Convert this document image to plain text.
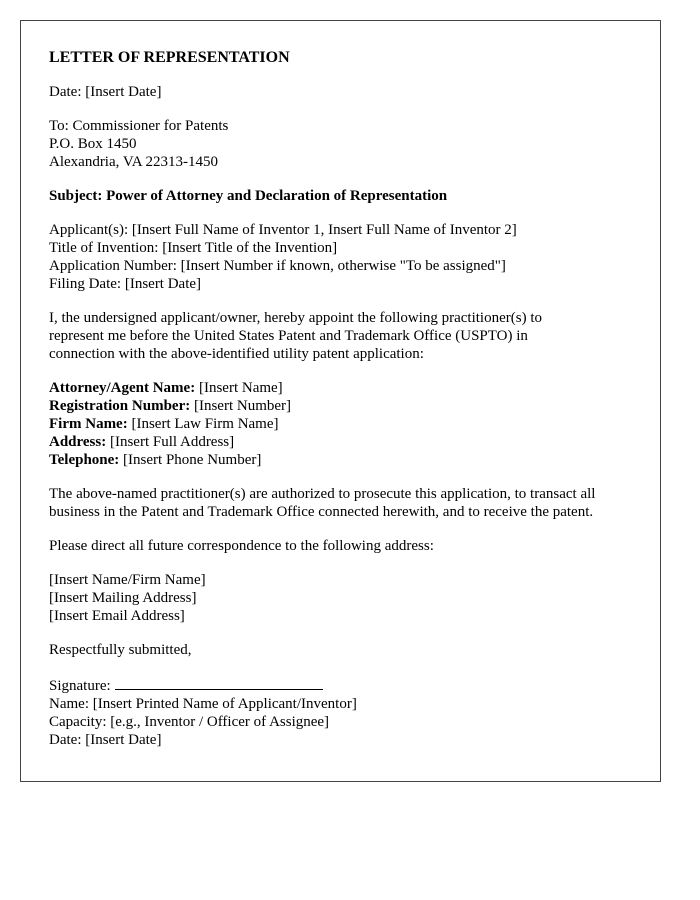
LETTER OF REPRESENTATION
Date: [Insert Date]
To: Commissioner for Patents
P.O. Box 1450
Alexandria, VA 22313-1450
Subject: Power of Attorney and Declaration of Representation
Applicant(s): [Insert Full Name of Inventor 1, Insert Full Name of Inventor 2]
Title of Invention: [Insert Title of the Invention]
Application Number: [Insert Number if known, otherwise "To be assigned"]
Filing Date: [Insert Date]
I, the undersigned applicant/owner, hereby appoint the following practitioner(s) to
represent me before the United States Patent and Trademark Office (USPTO) in
connection with the above-identified utility patent application:
Attorney/Agent Name: [Insert Name]
Registration Number: [Insert Number]
Firm Name: [Insert Law Firm Name]
Address: [Insert Full Address]
Telephone: [Insert Phone Number]
The above-named practitioner(s) are authorized to prosecute this application, to transact all
business in the Patent and Trademark Office connected herewith, and to receive the patent.
Please direct all future correspondence to the following address:
[Insert Name/Firm Name]
[Insert Mailing Address]
[Insert Email Address]
Respectfully submitted,
Signature:
Name: [Insert Printed Name of Applicant/Inventor]
Capacity: [e.g., Inventor / Officer of Assignee]
Date: [Insert Date]
